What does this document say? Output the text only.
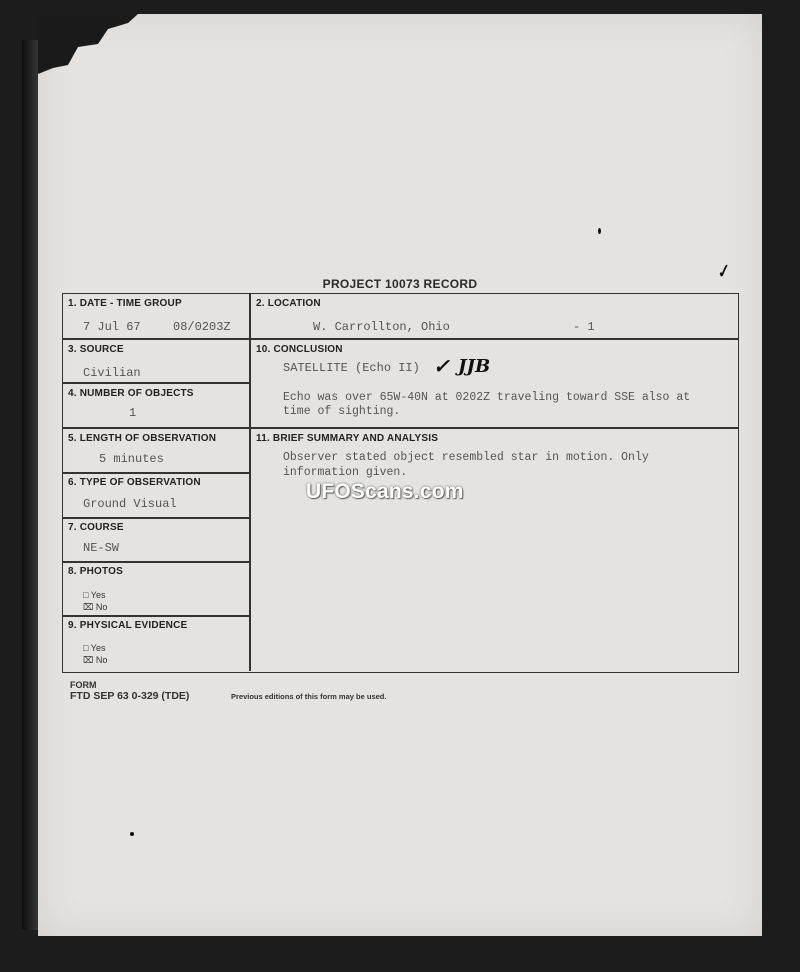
✓
PROJECT 10073 RECORD
1. DATE - TIME GROUP
7 Jul 67	08/0203Z
2. LOCATION
W. Carrollton, Ohio	- 1
3. SOURCE
Civilian
10. CONCLUSION
SATELLITE (Echo II) ✓ JJB
Echo was over 65W-40N at 0202Z traveling toward SSE also at
time of sighting.
4. NUMBER OF OBJECTS
1
5. LENGTH OF OBSERVATION
5 minutes
11. BRIEF SUMMARY AND ANALYSIS
Observer stated object resembled star in motion. Only
information given.
6. TYPE OF OBSERVATION
Ground Visual
7. COURSE
NE-SW
8. PHOTOS
□ Yes
⌧ No
9. PHYSICAL EVIDENCE
□ Yes
⌧ No
UFOScans.com
FORM
FTD SEP 63 0-329 (TDE)	Previous editions of this form may be used.
